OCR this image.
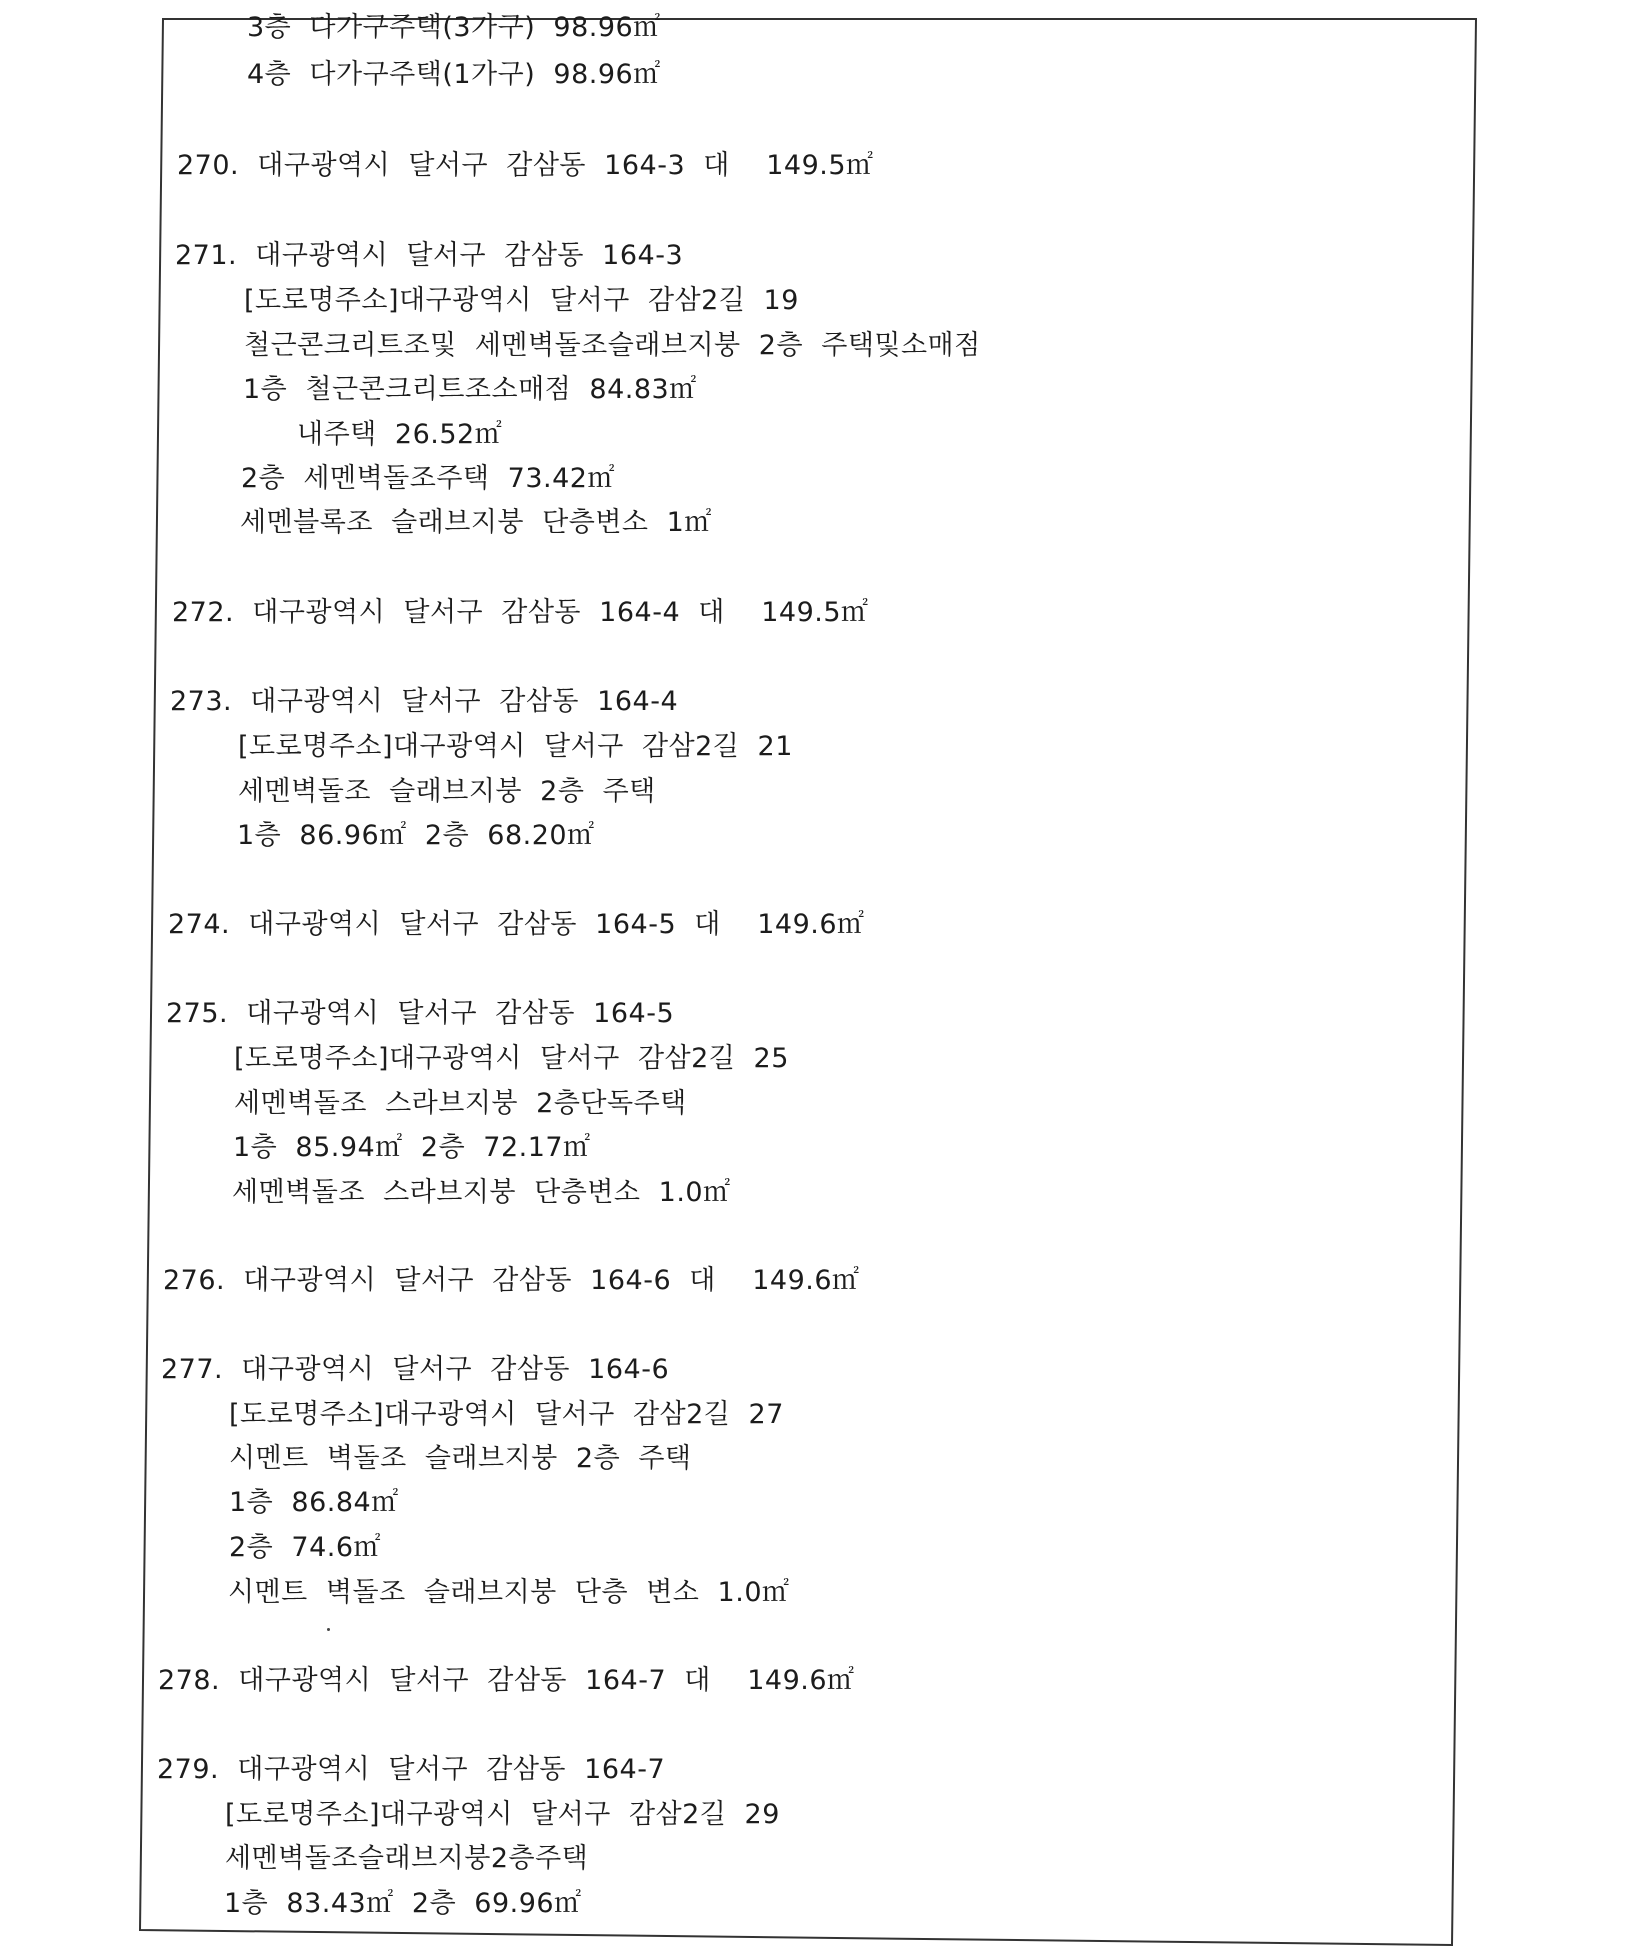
3층  다가구주택(3가구)  98.96㎡
4층  다가구주택(1가구)  98.96㎡
270.  대구광역시  달서구  감삼동  164-3  대    149.5㎡
271.  대구광역시  달서구  감삼동  164-3
[도로명주소]대구광역시  달서구  감삼2길  19
철근콘크리트조및  세멘벽돌조슬래브지붕  2층  주택및소매점
1층  철근콘크리트조소매점  84.83㎡
내주택  26.52㎡
2층  세멘벽돌조주택  73.42㎡
세멘블록조  슬래브지붕  단층변소  1㎡
272.  대구광역시  달서구  감삼동  164-4  대    149.5㎡
273.  대구광역시  달서구  감삼동  164-4
[도로명주소]대구광역시  달서구  감삼2길  21
세멘벽돌조  슬래브지붕  2층  주택
1층  86.96㎡  2층  68.20㎡
274.  대구광역시  달서구  감삼동  164-5  대    149.6㎡
275.  대구광역시  달서구  감삼동  164-5
[도로명주소]대구광역시  달서구  감삼2길  25
세멘벽돌조  스라브지붕  2층단독주택
1층  85.94㎡  2층  72.17㎡
세멘벽돌조  스라브지붕  단층변소  1.0㎡
276.  대구광역시  달서구  감삼동  164-6  대    149.6㎡
277.  대구광역시  달서구  감삼동  164-6
[도로명주소]대구광역시  달서구  감삼2길  27
시멘트  벽돌조  슬래브지붕  2층  주택
1층  86.84㎡
2층  74.6㎡
시멘트  벽돌조  슬래브지붕  단층  변소  1.0㎡
278.  대구광역시  달서구  감삼동  164-7  대    149.6㎡
279.  대구광역시  달서구  감삼동  164-7
[도로명주소]대구광역시  달서구  감삼2길  29
세멘벽돌조슬래브지붕2층주택
1층  83.43㎡  2층  69.96㎡
